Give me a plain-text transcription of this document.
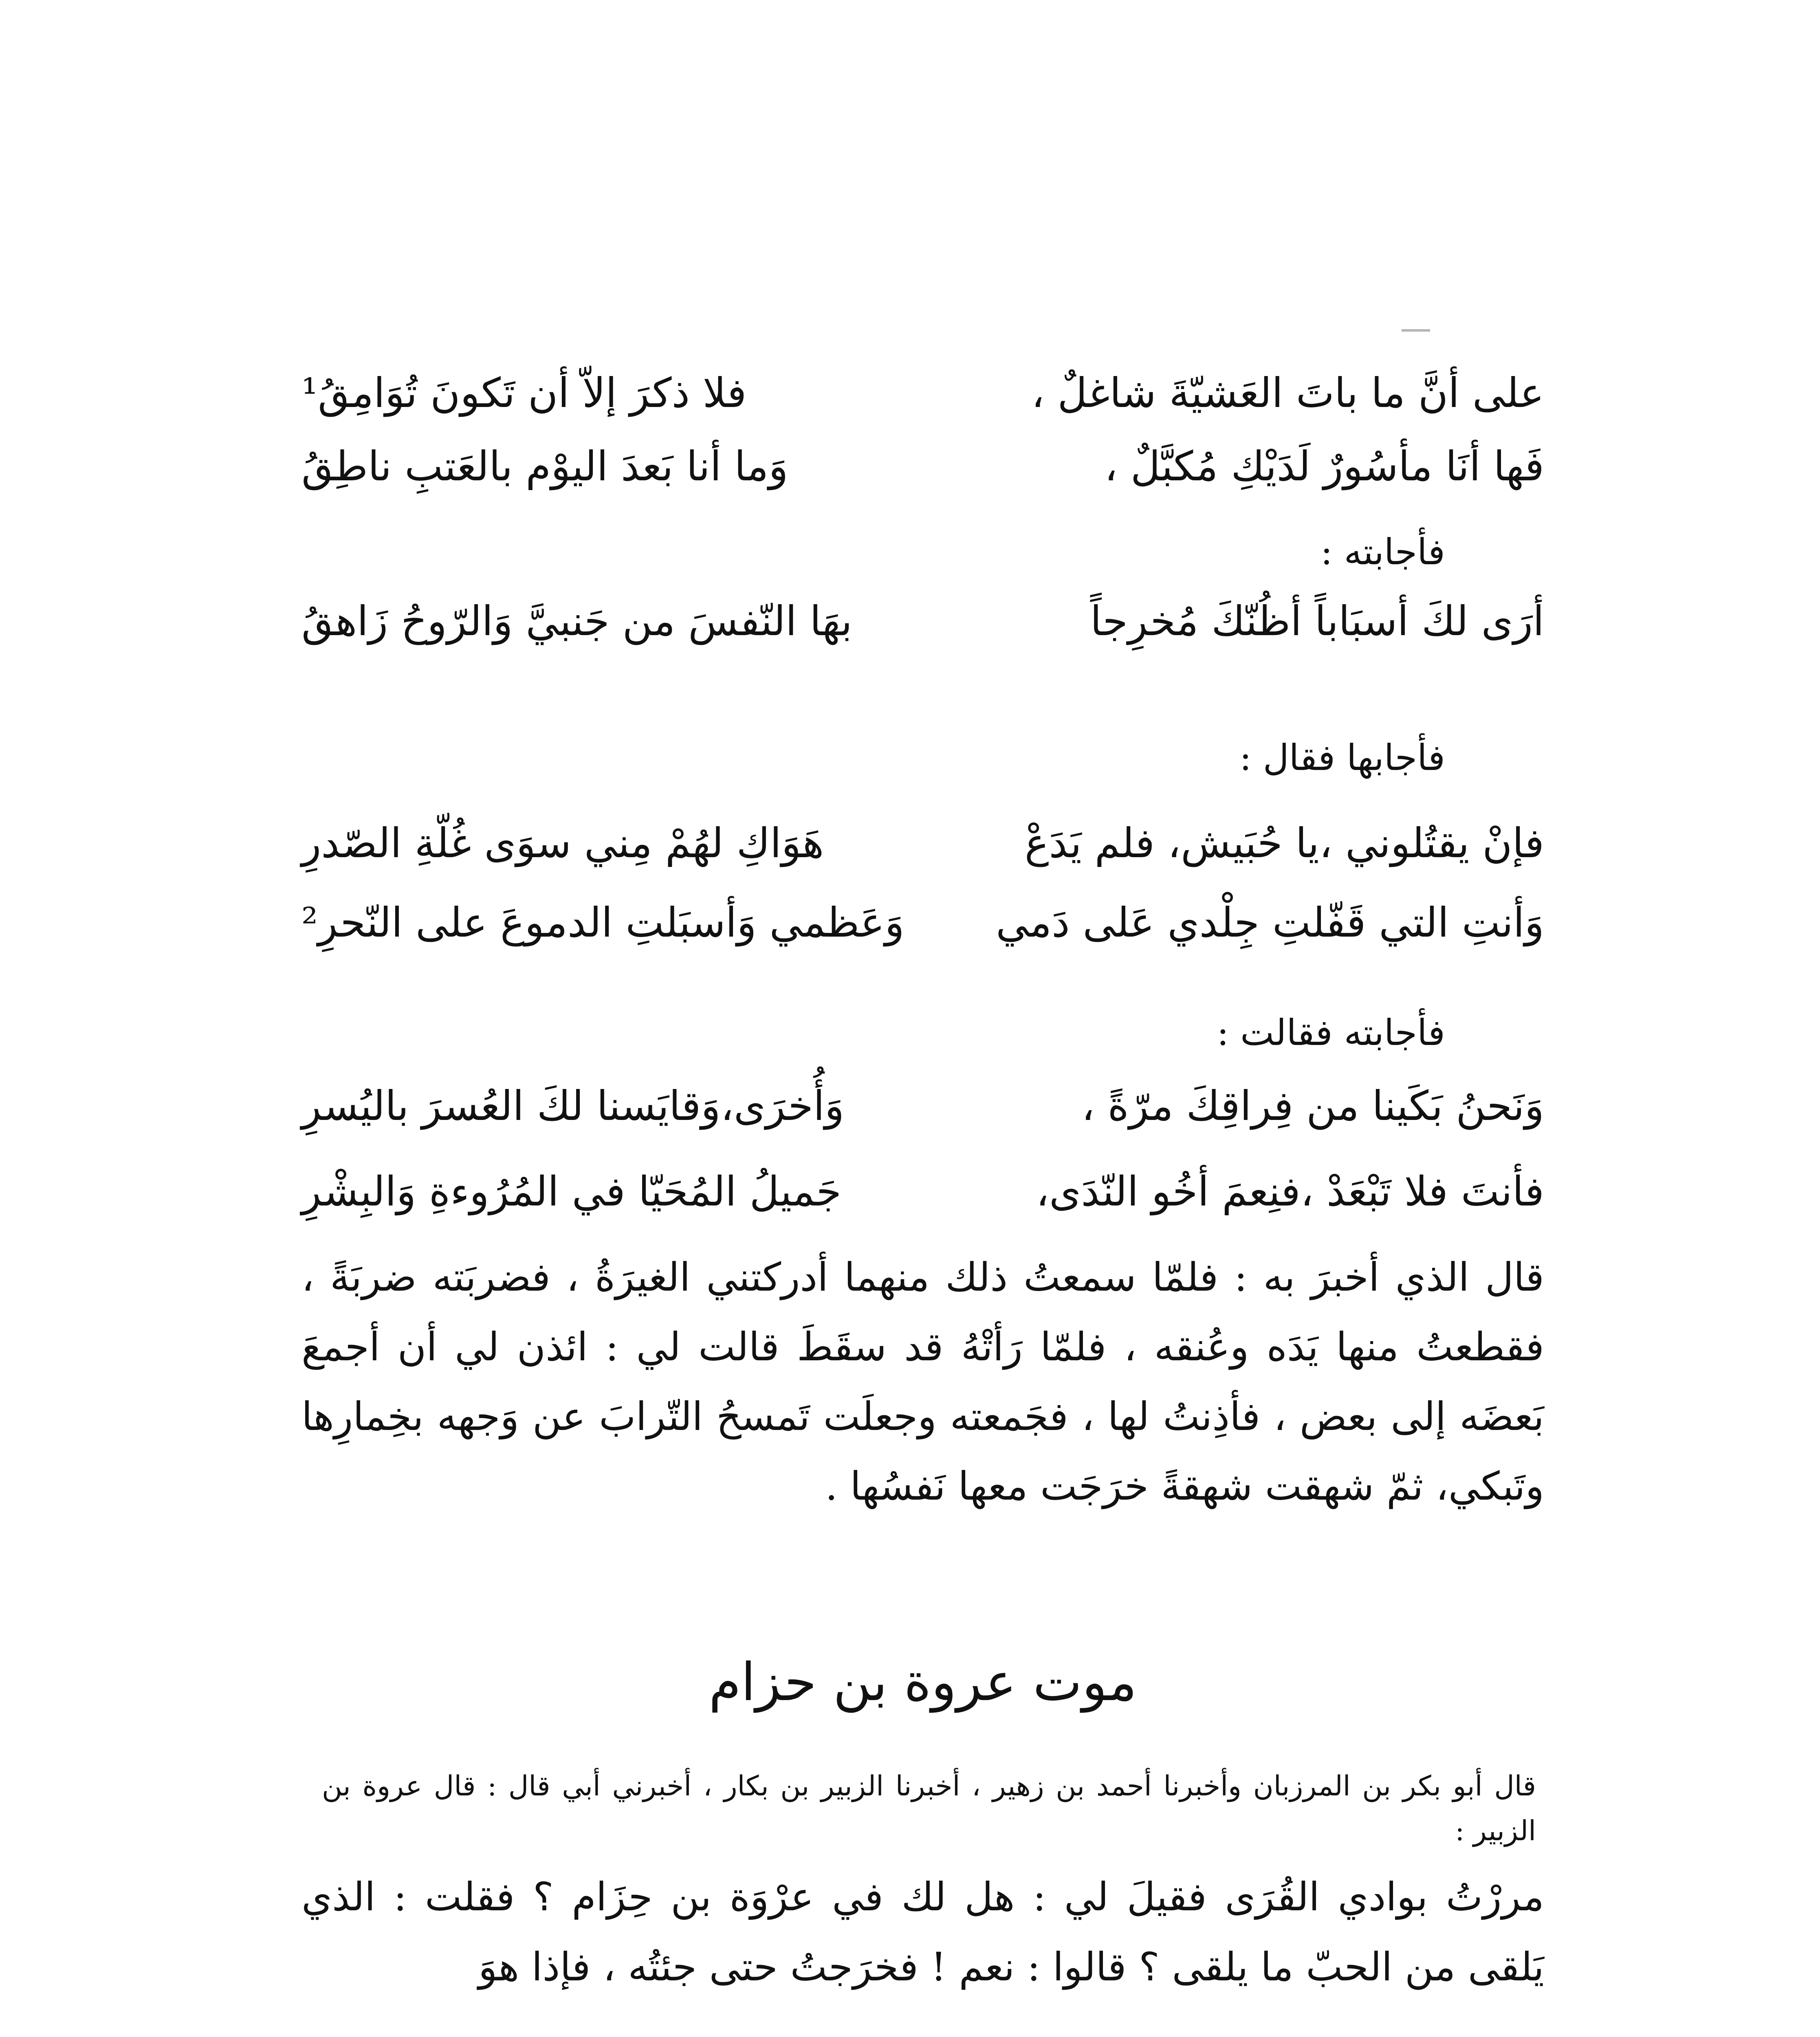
على أنَّ ما باتَ العَشيّةَ شاغلٌ ،
فلا ذكرَ إلاّ أن تَكونَ تُوَامِقُ¹
فَها أنَا مأسُورٌ لَدَيْكِ مُكبَّلٌ ،
وَما أنا بَعدَ اليوْم بالعَتبِ ناطِقُ
فأجابته :
أرَى لكَ أسبَاباً أظُنّكَ مُخرِجاً
بهَا النّفسَ من جَنبيَّ وَالرّوحُ زَاهقُ
فأجابها فقال :
فإنْ يقتُلوني ،يا حُبَيش، فلم يَدَعْ
هَوَاكِ لهُمْ مِني سوَى غُلّةِ الصّدرِ
وَأنتِ التي قَفّلتِ جِلْدي عَلى دَمي
وَعَظمي وَأسبَلتِ الدموعَ على النّحرِ²
فأجابته فقالت :
وَنَحنُ بَكَينا من فِراقِكَ مرّةً ،
وَأُخرَى،وَقايَسنا لكَ العُسرَ باليُسرِ
فأنتَ فلا تَبْعَدْ ،فنِعمَ أخُو النّدَى،
جَميلُ المُحَيّا في المُرُوءةِ وَالبِشْرِ
قال الذي أخبرَ به : فلمّا سمعتُ ذلك منهما أدركتني الغيرَةُ ، فضربَته ضربَةً ، فقطعتُ منها يَدَه وعُنقه ، فلمّا رَأتْهُ قد سقَطَ قالت لي : ائذن لي أن أجمعَ بَعضَه إلى بعض ، فأذِنتُ لها ، فجَمعته وجعلَت تَمسحُ التّرابَ عن وَجهه بخِمارِها وتَبكي، ثمّ شهقت شهقةً خرَجَت معها نَفسُها .
موت عروة بن حزام
قال أبو بكر بن المرزبان وأخبرنا أحمد بن زهير ، أخبرنا الزبير بن بكار ، أخبرني أبي قال : قال عروة بن الزبير :
مررْتُ بوادي القُرَى فقيلَ لي : هل لك في عرْوَة بن حِزَام ؟ فقلت : الذي يَلقى من الحبّ ما يلقى ؟ قالوا : نعم ! فخرَجتُ حتى جئتُه ، فإذا هوَ
